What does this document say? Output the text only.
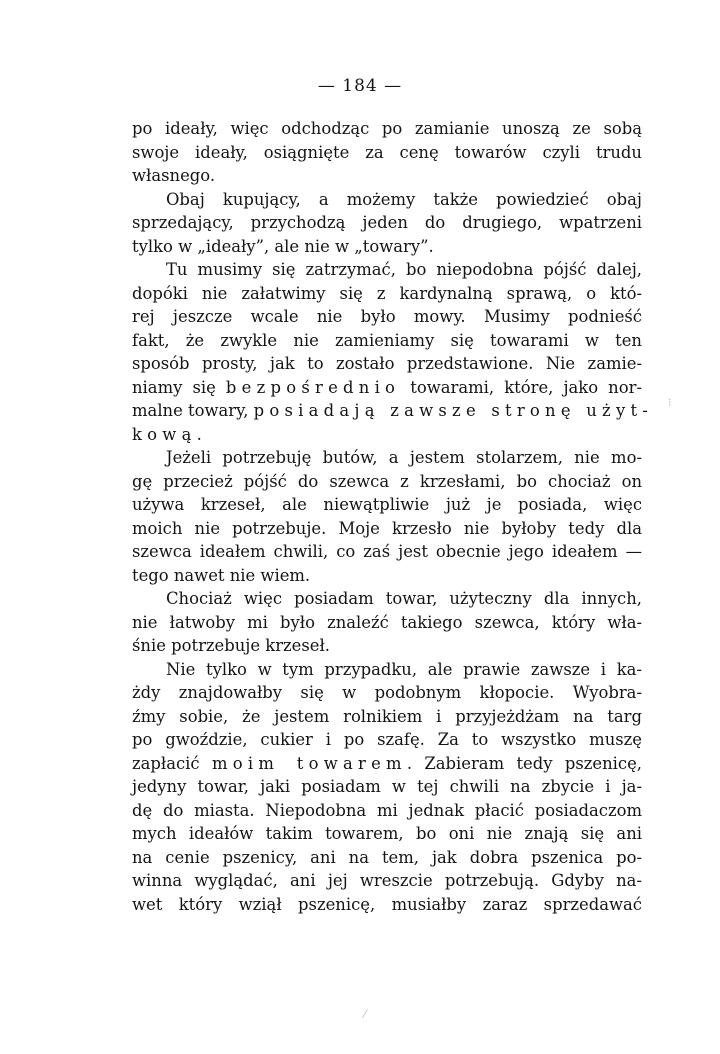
— 184 —
po ideały, więc odchodząc po zamianie unoszą ze sobą
swoje ideały, osiągnięte za cenę towarów czyli trudu
własnego.
Obaj kupujący, a możemy także powiedzieć obaj
sprzedający, przychodzą jeden do drugiego, wpatrzeni
tylko w „ideały”, ale nie w „towary”.
Tu musimy się zatrzymać, bo niepodobna pójść dalej,
dopóki nie załatwimy się z kardynalną sprawą, o któ-
rej jeszcze wcale nie było mowy. Musimy podnieść
fakt, że zwykle nie zamieniamy się towarami w ten
sposób prosty, jak to zostało przedstawione. Nie zamie-
niamy się bezpośrednio towarami, które, jako nor-
malne towary, posiadają zawsze stronę użyt-
kową.
Jeżeli potrzebuję butów, a jestem stolarzem, nie mo-
gę przecież pójść do szewca z krzesłami, bo chociaż on
używa krzeseł, ale niewątpliwie już je posiada, więc
moich nie potrzebuje. Moje krzesło nie byłoby tedy dla
szewca ideałem chwili, co zaś jest obecnie jego ideałem —
tego nawet nie wiem.
Chociaż więc posiadam towar, użyteczny dla innych,
nie łatwoby mi było znaleźć takiego szewca, który wła-
śnie potrzebuje krzeseł.
Nie tylko w tym przypadku, ale prawie zawsze i ka-
żdy znajdowałby się w podobnym kłopocie. Wyobra-
źmy sobie, że jestem rolnikiem i przyjeżdżam na targ
po gwoździe, cukier i po szafę. Za to wszystko muszę
zapłacić moim towarem. Zabieram tedy pszenicę,
jedyny towar, jaki posiadam w tej chwili na zbycie i ja-
dę do miasta. Niepodobna mi jednak płacić posiadaczom
mych ideałów takim towarem, bo oni nie znają się ani
na cenie pszenicy, ani na tem, jak dobra pszenica po-
winna wyglądać, ani jej wreszcie potrzebują. Gdyby na-
wet który wziął pszenicę, musiałby zaraz sprzedawać
⁝
⁄
